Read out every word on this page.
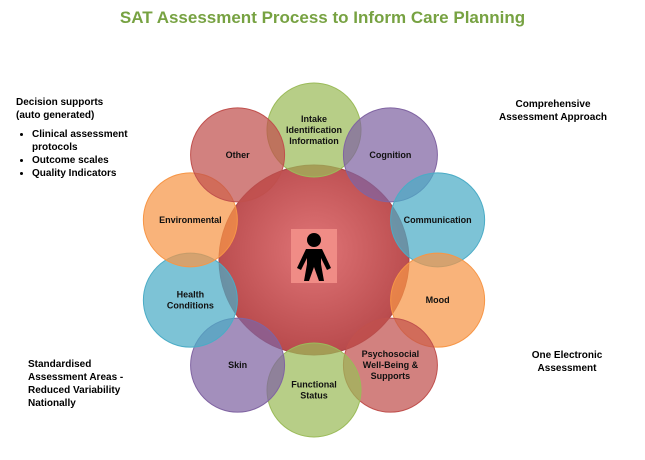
SAT Assessment Process to Inform Care Planning
Decision supports
(auto generated)
• Clinical assessment protocols
• Outcome scales
• Quality Indicators
Comprehensive
Assessment Approach
Standardised
Assessment Areas -
Reduced Variability
Nationally
One Electronic
Assessment
Intake
Identification
Information
Cognition
Communication
Mood
Psychosocial
Well-Being &
Supports
Functional
Status
Skin
Health
Conditions
Environmental
Other
